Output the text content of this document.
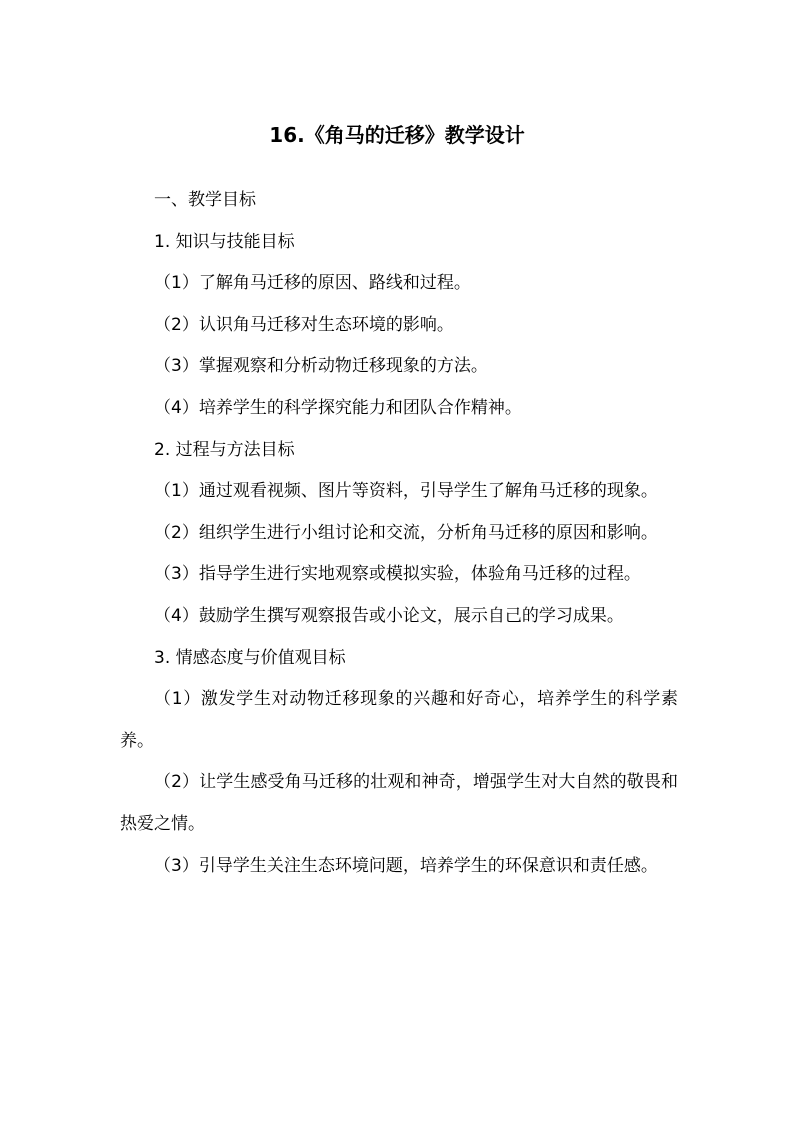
16.《角马的迁移》教学设计

一、教学目标

1. 知识与技能目标

（1）了解角马迁移的原因、路线和过程。

（2）认识角马迁移对生态环境的影响。

（3）掌握观察和分析动物迁移现象的方法。

（4）培养学生的科学探究能力和团队合作精神。

2. 过程与方法目标

（1）通过观看视频、图片等资料，引导学生了解角马迁移的现象。

（2）组织学生进行小组讨论和交流，分析角马迁移的原因和影响。

（3）指导学生进行实地观察或模拟实验，体验角马迁移的过程。

（4）鼓励学生撰写观察报告或小论文，展示自己的学习成果。

3. 情感态度与价值观目标

（1）激发学生对动物迁移现象的兴趣和好奇心，培养学生的科学素养。

（2）让学生感受角马迁移的壮观和神奇，增强学生对大自然的敬畏和热爱之情。

（3）引导学生关注生态环境问题，培养学生的环保意识和责任感。
